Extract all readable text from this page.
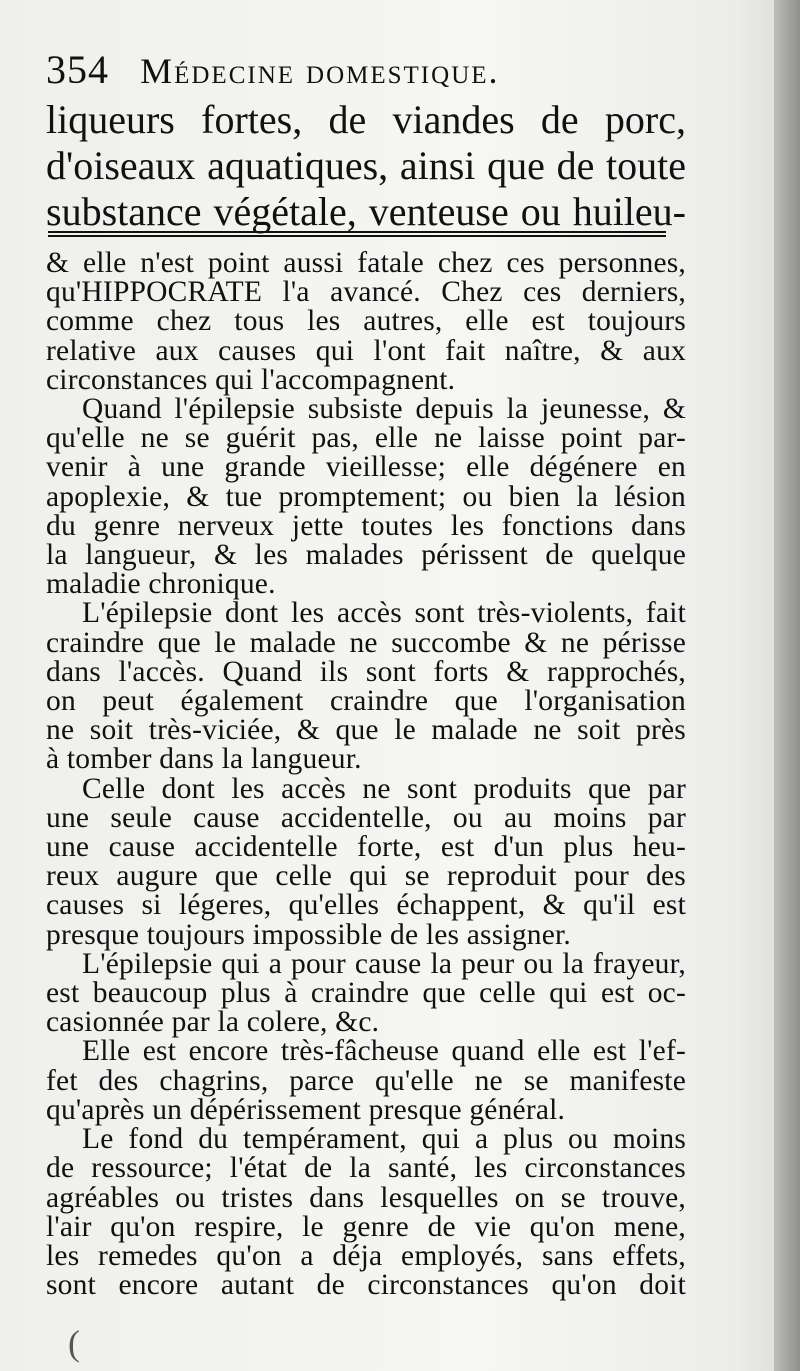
354 Médecine domestique.
liqueurs fortes, de viandes de porc,
d'oiseaux aquatiques, ainsi que de toute
substance végétale, venteuse ou huileu-
& elle n'est point aussi fatale chez ces personnes,
qu'HIPPOCRATE l'a avancé. Chez ces derniers,
comme chez tous les autres, elle est toujours
relative aux causes qui l'ont fait naître, & aux
circonstances qui l'accompagnent.
Quand l'épilepsie subsiste depuis la jeunesse, &
qu'elle ne se guérit pas, elle ne laisse point par-
venir à une grande vieillesse; elle dégénere en
apoplexie, & tue promptement; ou bien la lésion
du genre nerveux jette toutes les fonctions dans
la langueur, & les malades périssent de quelque
maladie chronique.
L'épilepsie dont les accès sont très-violents, fait
craindre que le malade ne succombe & ne périsse
dans l'accès. Quand ils sont forts & rapprochés,
on peut également craindre que l'organisation
ne soit très-viciée, & que le malade ne soit près
à tomber dans la langueur.
Celle dont les accès ne sont produits que par
une seule cause accidentelle, ou au moins par
une cause accidentelle forte, est d'un plus heu-
reux augure que celle qui se reproduit pour des
causes si légeres, qu'elles échappent, & qu'il est
presque toujours impossible de les assigner.
L'épilepsie qui a pour cause la peur ou la frayeur,
est beaucoup plus à craindre que celle qui est oc-
casionnée par la colere, &c.
Elle est encore très-fâcheuse quand elle est l'ef-
fet des chagrins, parce qu'elle ne se manifeste
qu'après un dépérissement presque général.
Le fond du tempérament, qui a plus ou moins
de ressource; l'état de la santé, les circonstances
agréables ou tristes dans lesquelles on se trouve,
l'air qu'on respire, le genre de vie qu'on mene,
les remedes qu'on a déja employés, sans effets,
sont encore autant de circonstances qu'on doit
(
